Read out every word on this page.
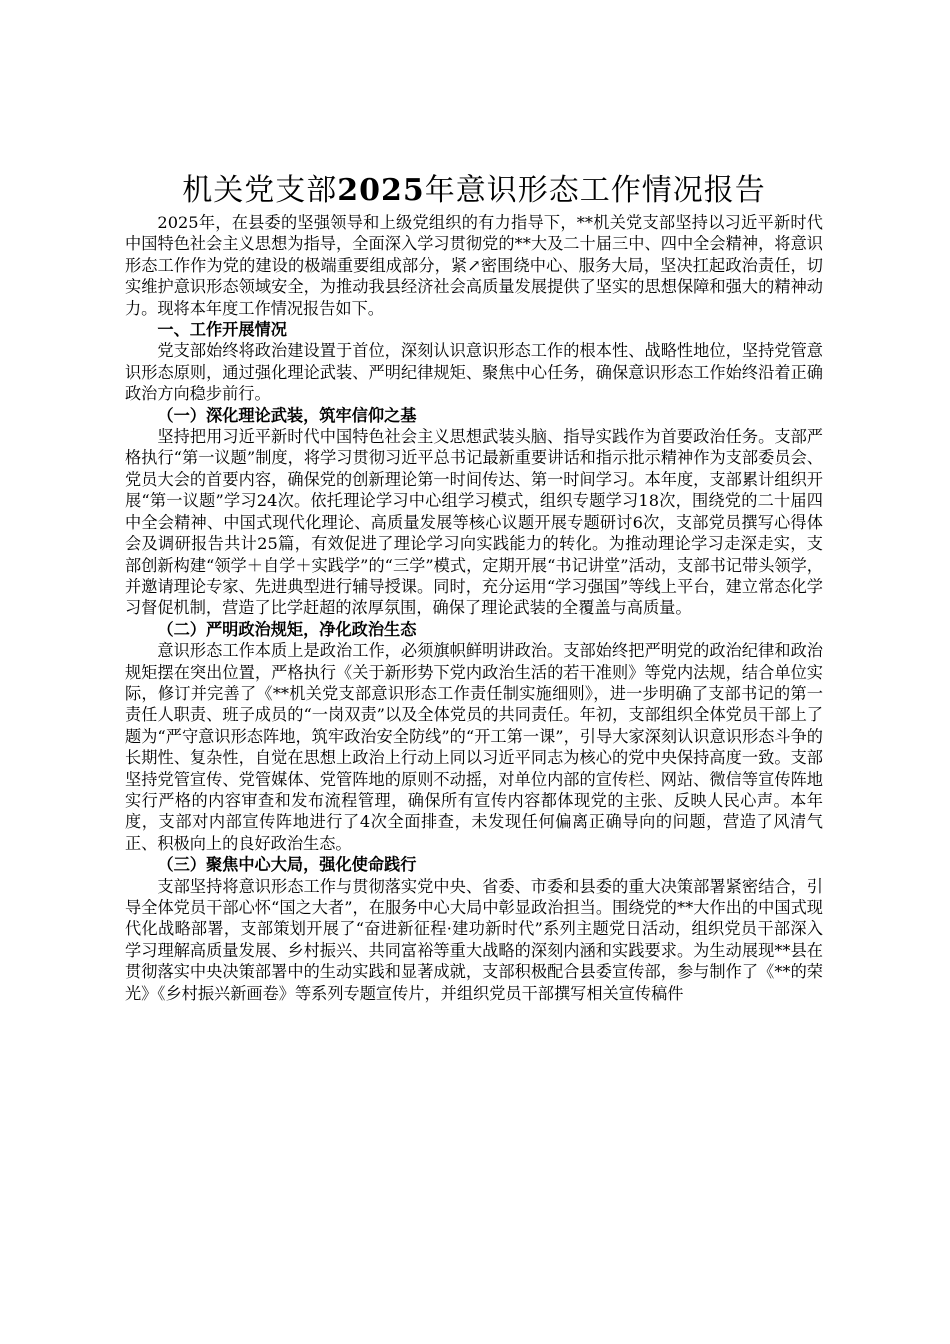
机关党支部2025年意识形态工作情况报告

2025年，在县委的坚强领导和上级党组织的有力指导下，**机关党支部坚持以习近平新时代中国特色社会主义思想为指导，全面深入学习贯彻党的**大及二十届三中、四中全会精神，将意识形态工作作为党的建设的极端重要组成部分，紧↗密围绕中心、服务大局，坚决扛起政治责任，切实维护意识形态领域安全，为推动我县经济社会高质量发展提供了坚实的思想保障和强大的精神动力。现将本年度工作情况报告如下。

一、工作开展情况

党支部始终将政治建设置于首位，深刻认识意识形态工作的根本性、战略性地位，坚持党管意识形态原则，通过强化理论武装、严明纪律规矩、聚焦中心任务，确保意识形态工作始终沿着正确政治方向稳步前行。

（一）深化理论武装，筑牢信仰之基

坚持把用习近平新时代中国特色社会主义思想武装头脑、指导实践作为首要政治任务。支部严格执行“第一议题”制度，将学习贯彻习近平总书记最新重要讲话和指示批示精神作为支部委员会、党员大会的首要内容，确保党的创新理论第一时间传达、第一时间学习。本年度，支部累计组织开展“第一议题”学习24次。依托理论学习中心组学习模式，组织专题学习18次，围绕党的二十届四中全会精神、中国式现代化理论、高质量发展等核心议题开展专题研讨6次，支部党员撰写心得体会及调研报告共计25篇，有效促进了理论学习向实践能力的转化。为推动理论学习走深走实，支部创新构建“领学＋自学＋实践学”的“三学”模式，定期开展“书记讲堂”活动，支部书记带头领学，并邀请理论专家、先进典型进行辅导授课。同时，充分运用“学习强国”等线上平台，建立常态化学习督促机制，营造了比学赶超的浓厚氛围，确保了理论武装的全覆盖与高质量。

（二）严明政治规矩，净化政治生态

意识形态工作本质上是政治工作，必须旗帜鲜明讲政治。支部始终把严明党的政治纪律和政治规矩摆在突出位置，严格执行《关于新形势下党内政治生活的若干准则》等党内法规，结合单位实际，修订并完善了《**机关党支部意识形态工作责任制实施细则》，进一步明确了支部书记的第一责任人职责、班子成员的“一岗双责”以及全体党员的共同责任。年初，支部组织全体党员干部上了题为“严守意识形态阵地，筑牢政治安全防线”的“开工第一课”，引导大家深刻认识意识形态斗争的长期性、复杂性，自觉在思想上政治上行动上同以习近平同志为核心的党中央保持高度一致。支部坚持党管宣传、党管媒体、党管阵地的原则不动摇，对单位内部的宣传栏、网站、微信等宣传阵地实行严格的内容审查和发布流程管理，确保所有宣传内容都体现党的主张、反映人民心声。本年度，支部对内部宣传阵地进行了4次全面排查，未发现任何偏离正确导向的问题，营造了风清气正、积极向上的良好政治生态。

（三）聚焦中心大局，强化使命践行

支部坚持将意识形态工作与贯彻落实党中央、省委、市委和县委的重大决策部署紧密结合，引导全体党员干部心怀“国之大者”，在服务中心大局中彰显政治担当。围绕党的**大作出的中国式现代化战略部署，支部策划开展了“奋进新征程·建功新时代”系列主题党日活动，组织党员干部深入学习理解高质量发展、乡村振兴、共同富裕等重大战略的深刻内涵和实践要求。为生动展现**县在贯彻落实中央决策部署中的生动实践和显著成就，支部积极配合县委宣传部，参与制作了《**的荣光》《乡村振兴新画卷》等系列专题宣传片，并组织党员干部撰写相关宣传稿件
